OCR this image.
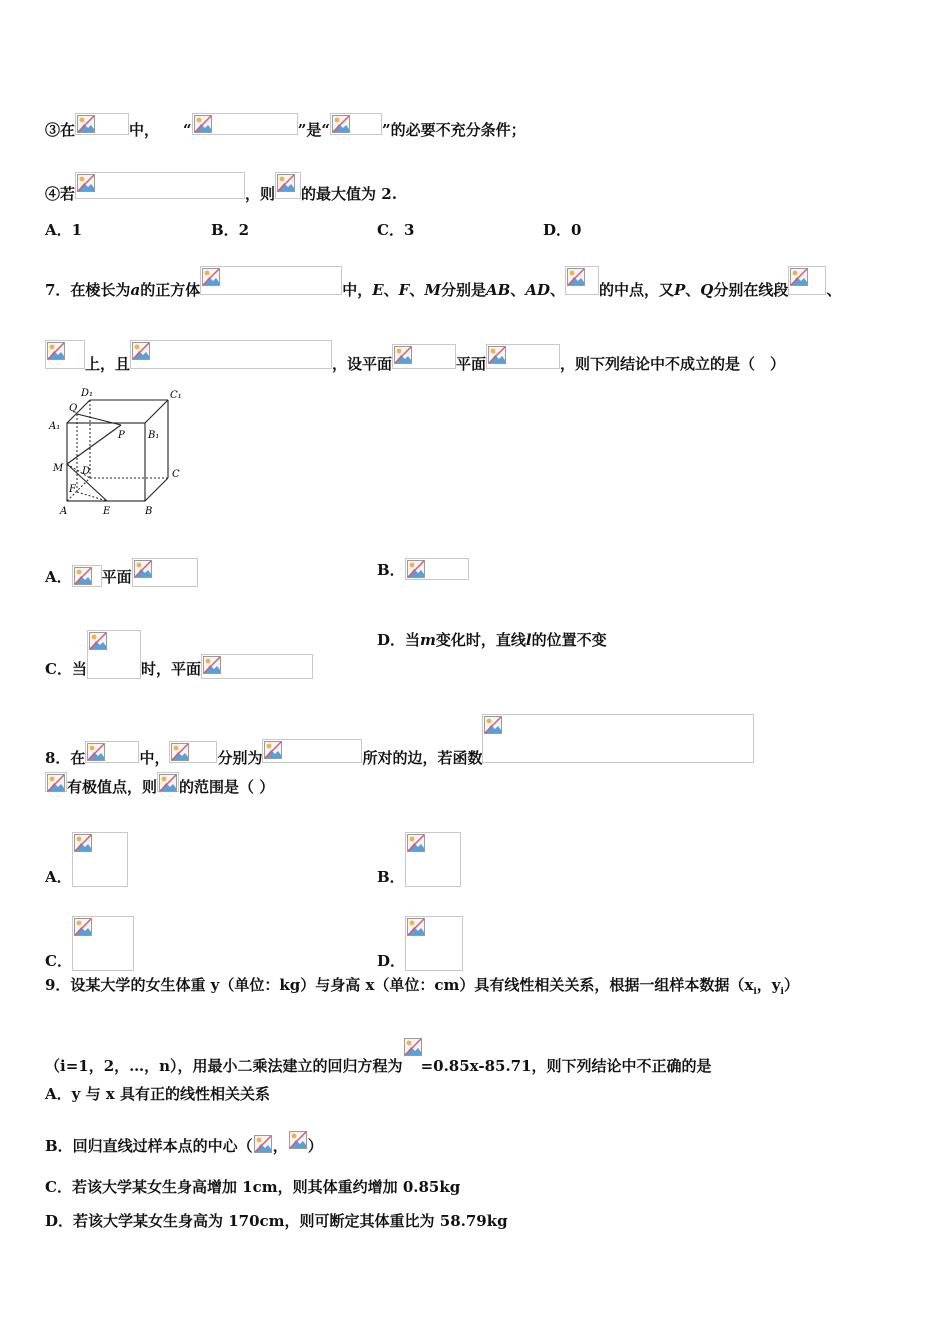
③在	中， “	”是“	”的必要不充分条件；
④若	，则 的最大值为 2.
A．1	B．2	C．3	D．0
7．在棱长为a的正方体	中，E、F、M分别是AB、AD、 的中点，又P、Q分别在线段	、
上，且	，设平面	平面	，则下列结论中不成立的是（　）
D₁	C₁
Q
A₁
P B₁
M D	C
F
A	E	B
A． 平面	B．
C．当	时，平面
D．当m变化时，直线l的位置不变
8．在	中，	分别为	所对的边，若函数
有极值点，则 的范围是（ ）
A．	B．
C．	D．
9．设某大学的女生体重 y（单位：kg）与身高 x（单位：cm）具有线性相关关系，根据一组样本数据（$x_i$，$y_i$）
（i=1，2，…，n），用最小二乘法建立的回归方程为 =0.85x-85.71，则下列结论中不正确的是
A．y 与 x 具有正的线性相关关系
B．回归直线过样本点的中心（ ， ）
C．若该大学某女生身高增加 1cm，则其体重约增加 0.85kg
D．若该大学某女生身高为 170cm，则可断定其体重比为 58.79kg
